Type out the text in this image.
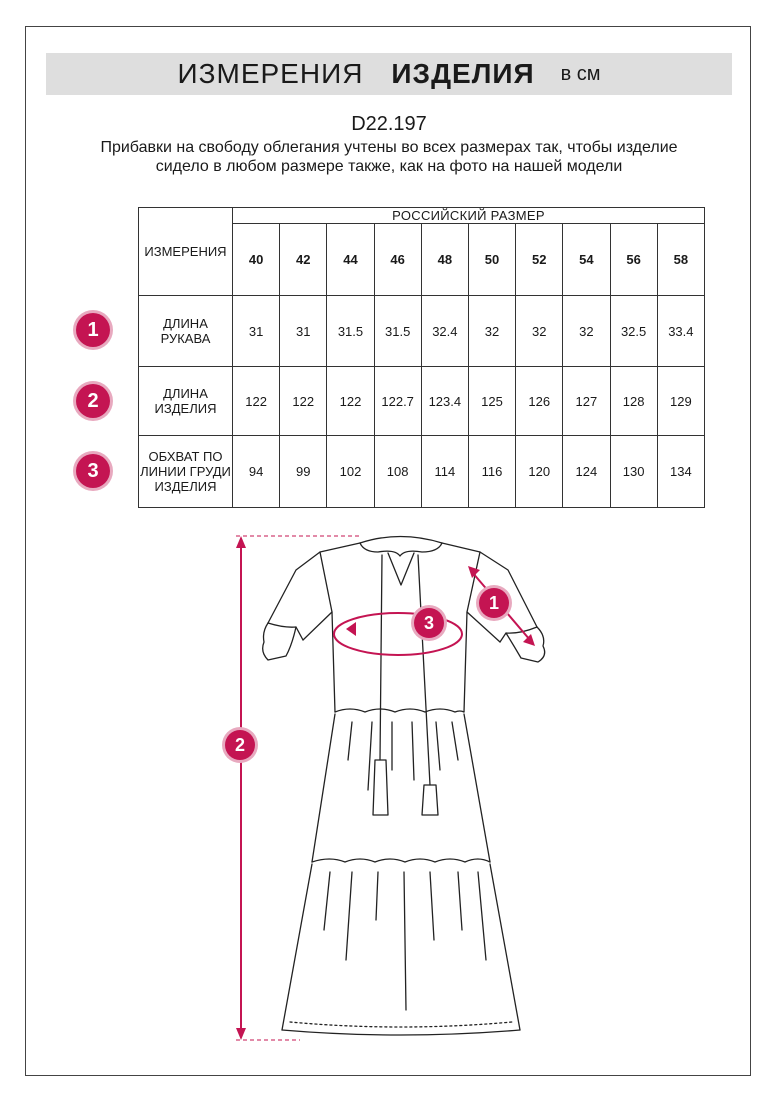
ИЗМЕРЕНИЯ ИЗДЕЛИЯ в см
D22.197
Прибавки на свободу облегания учтены во всех размерах так, чтобы изделие сидело в любом размере также, как на фото на нашей модели
ИЗМЕРЕНИЯ	РОССИЙСКИЙ РАЗМЕР									
	40	42	44	46	48	50	52	54	56	58
ДЛИНА РУКАВА	31	31	31.5	31.5	32.4	32	32	32	32.5	33.4
ДЛИНА ИЗДЕЛИЯ	122	122	122	122.7	123.4	125	126	127	128	129
ОБХВАТ ПО ЛИНИИ ГРУДИ ИЗДЕЛИЯ	94	99	102	108	114	116	120	124	130	134
1
2
3
1
2
3
